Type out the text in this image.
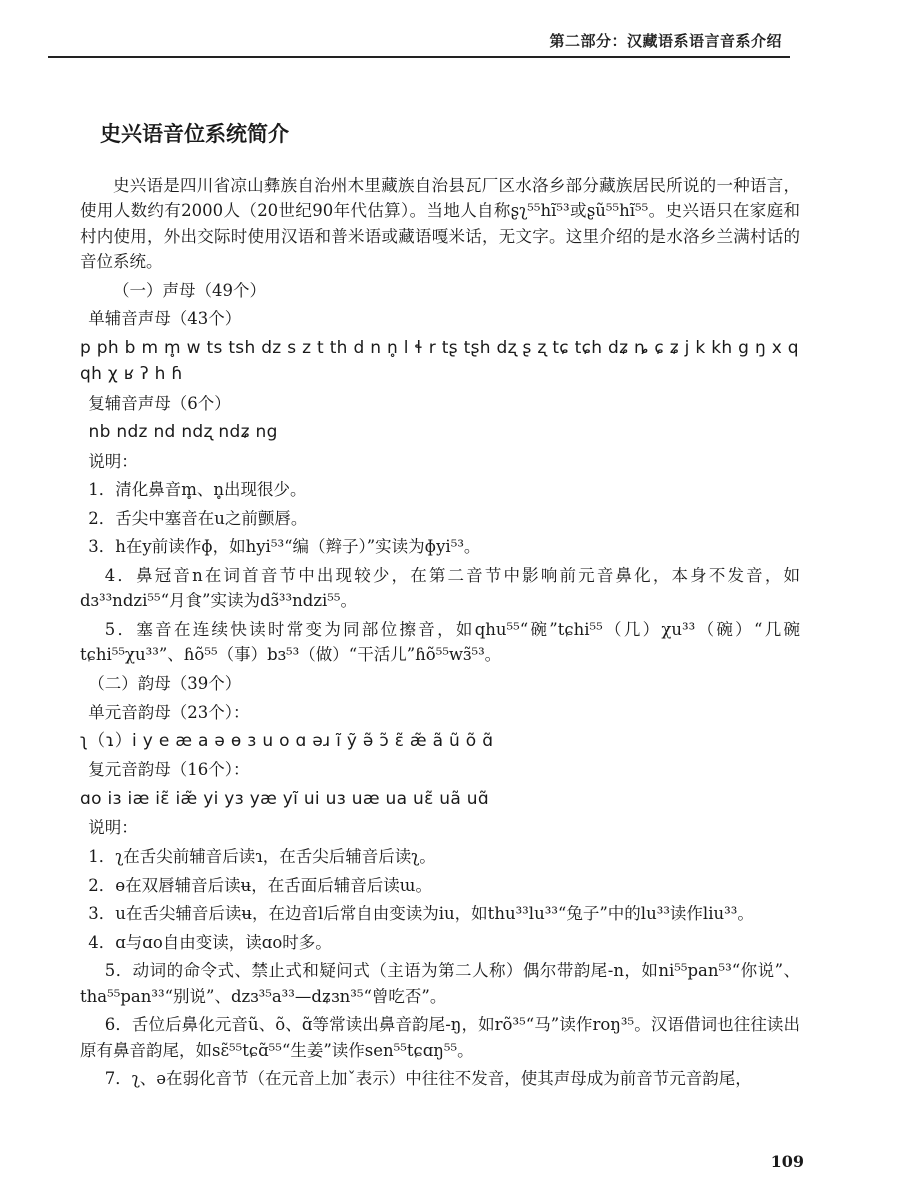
第二部分：汉藏语系语言音系介绍
史兴语音位系统简介

史兴语是四川省凉山彝族自治州木里藏族自治县瓦厂区水洛乡部分藏族居民所说的一种语言，使用人数约有2000人（20世纪90年代估算）。当地人自称ʂʅ⁵⁵hĩ⁵³或ʂũ⁵⁵hĩ⁵⁵。史兴语只在家庭和村内使用，外出交际时使用汉语和普米语或藏语嘎米话，无文字。这里介绍的是水洛乡兰满村话的音位系统。

（一）声母（49个）

单辅音声母（43个）

p ph b m m̥ w ts tsh dz s z t th d n n̥ l ɬ r tʂ tʂh dʐ ʂ ʐ tɕ tɕh dʑ ȵ ɕ ʑ j k kh g ŋ x q qh χ ʁ ʔ h ɦ

复辅音声母（6个）

nb ndz nd ndʐ ndʑ ng

说明：

1．清化鼻音m̥、n̥出现很少。

2．舌尖中塞音在u之前颤唇。

3．h在y前读作ɸ，如hyi⁵³“编（辫子）”实读为ɸyi⁵³。

4．鼻冠音n在词首音节中出现较少，在第二音节中影响前元音鼻化，本身不发音，如dɜ³³ndzi⁵⁵“月食”实读为dɜ̃³³ndzi⁵⁵。

5．塞音在连续快读时常变为同部位擦音，如qhu⁵⁵“碗”tɕhi⁵⁵（几）χu³³（碗）“几碗tɕhi⁵⁵χu³³”、ɦõ⁵⁵（事）bɜ⁵³（做）“干活儿”ɦõ⁵⁵wɜ̃⁵³。

（二）韵母（39个）

单元音韵母（23个）：

ʅ（ɿ）i y e æ a ə ɵ ɜ u o ɑ əɹ ĩ ỹ ə̃ ɔ̃ ɛ̃ æ̃ ã ũ õ ɑ̃

复元音韵母（16个）：

ɑo iɜ iæ iɛ̃ iæ̃ yi yɜ yæ yĩ ui uɜ uæ ua uɛ̃ uã uɑ̃

说明：

1．ʅ在舌尖前辅音后读ɿ，在舌尖后辅音后读ʅ。

2．ɵ在双唇辅音后读ʉ，在舌面后辅音后读ɯ。

3．u在舌尖辅音后读ʉ，在边音l后常自由变读为iu，如thu³³lu³³“兔子”中的lu³³读作liu³³。

4．ɑ与ɑo自由变读，读ɑo时多。

5．动词的命令式、禁止式和疑问式（主语为第二人称）偶尔带韵尾-n，如ni⁵⁵pan⁵³“你说”、tha⁵⁵pan³³“别说”、dzɜ³⁵a³³—dʑɜn³⁵“曾吃否”。

6．舌位后鼻化元音ũ、õ、ɑ̃等常读出鼻音韵尾-ŋ，如rõ³⁵“马”读作roŋ³⁵。汉语借词也往往读出原有鼻音韵尾，如sɛ̃⁵⁵tɕɑ̃⁵⁵“生姜”读作sen⁵⁵tɕɑŋ⁵⁵。

7．ʅ、ə在弱化音节（在元音上加ˇ表示）中往往不发音，使其声母成为前音节元音韵尾，

109
